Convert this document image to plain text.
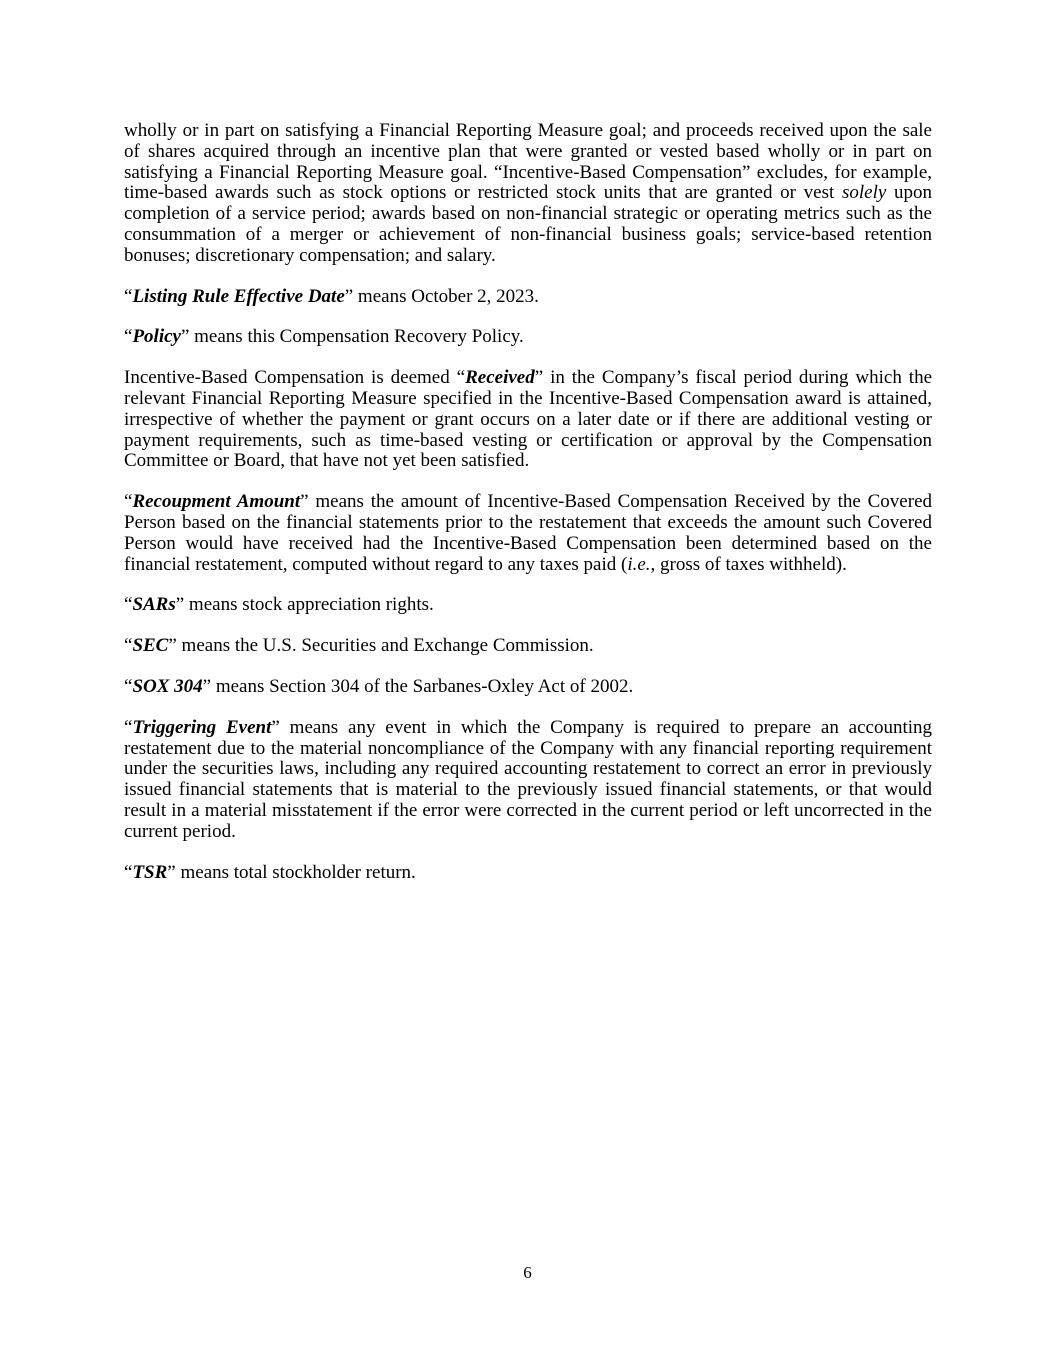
wholly or in part on satisfying a Financial Reporting Measure goal; and proceeds received upon the sale of shares acquired through an incentive plan that were granted or vested based wholly or in part on satisfying a Financial Reporting Measure goal. “Incentive-Based Compensation” excludes, for example, time-based awards such as stock options or restricted stock units that are granted or vest solely upon completion of a service period; awards based on non-financial strategic or operating metrics such as the consummation of a merger or achievement of non-financial business goals; service-based retention bonuses; discretionary compensation; and salary.

“Listing Rule Effective Date” means October 2, 2023.

“Policy” means this Compensation Recovery Policy.

Incentive-Based Compensation is deemed “Received” in the Company’s fiscal period during which the relevant Financial Reporting Measure specified in the Incentive-Based Compensation award is attained, irrespective of whether the payment or grant occurs on a later date or if there are additional vesting or payment requirements, such as time-based vesting or certification or approval by the Compensation Committee or Board, that have not yet been satisfied.

“Recoupment Amount” means the amount of Incentive-Based Compensation Received by the Covered Person based on the financial statements prior to the restatement that exceeds the amount such Covered Person would have received had the Incentive-Based Compensation been determined based on the financial restatement, computed without regard to any taxes paid (i.e., gross of taxes withheld).

“SARs” means stock appreciation rights.

“SEC” means the U.S. Securities and Exchange Commission.

“SOX 304” means Section 304 of the Sarbanes-Oxley Act of 2002.

“Triggering Event” means any event in which the Company is required to prepare an accounting restatement due to the material noncompliance of the Company with any financial reporting requirement under the securities laws, including any required accounting restatement to correct an error in previously issued financial statements that is material to the previously issued financial statements, or that would result in a material misstatement if the error were corrected in the current period or left uncorrected in the current period.

“TSR” means total stockholder return.

6
